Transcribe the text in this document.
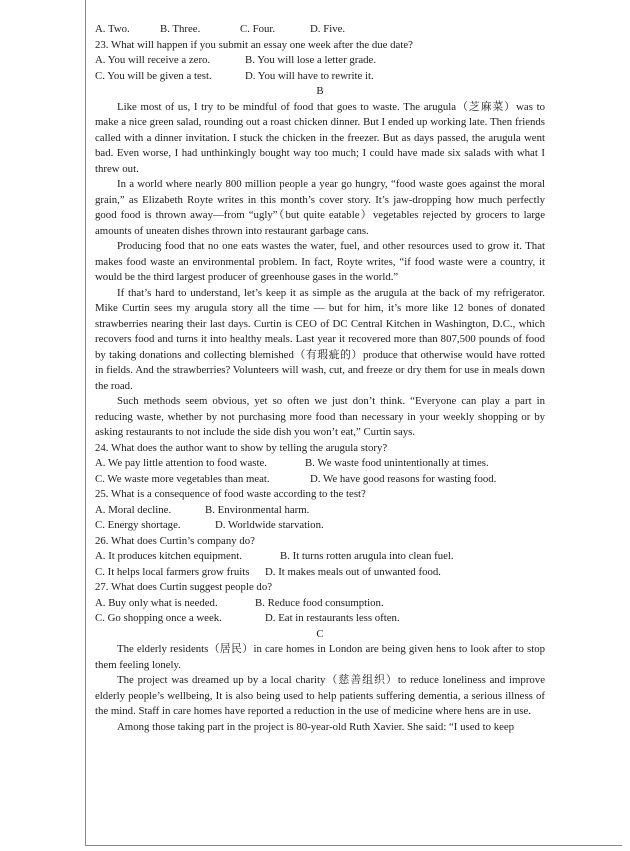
A. Two.	B. Three.	C. Four.	D. Five.
23. What will happen if you submit an essay one week after the due date?
A. You will receive a zero.	B. You will lose a letter grade.
C. You will be given a test.	D. You will have to rewrite it.
B

Like most of us, I try to be mindful of food that goes to waste. The arugula（芝麻菜）was to make a nice green salad, rounding out a roast chicken dinner. But I ended up working late. Then friends called with a dinner invitation. I stuck the chicken in the freezer. But as days passed, the arugula went bad. Even worse, I had unthinkingly bought way too much; I could have made six salads with what I threw out.

In a world where nearly 800 million people a year go hungry, “food waste goes against the moral grain,” as Elizabeth Royte writes in this month’s cover story. It’s jaw-dropping how much perfectly good food is thrown away—from “ugly”（but quite eatable）vegetables rejected by grocers to large amounts of uneaten dishes thrown into restaurant garbage cans.

Producing food that no one eats wastes the water, fuel, and other resources used to grow it. That makes food waste an environmental problem. In fact, Royte writes, “if food waste were a country, it would be the third largest producer of greenhouse gases in the world.”

If that’s hard to understand, let’s keep it as simple as the arugula at the back of my refrigerator. Mike Curtin sees my arugula story all the time — but for him, it’s more like 12 bones of donated strawberries nearing their last days. Curtin is CEO of DC Central Kitchen in Washington, D.C., which recovers food and turns it into healthy meals. Last year it recovered more than 807,500 pounds of food by taking donations and collecting blemished（有瑕疵的）produce that otherwise would have rotted in fields. And the strawberries? Volunteers will wash, cut, and freeze or dry them for use in meals down the road.

Such methods seem obvious, yet so often we just don’t think. “Everyone can play a part in reducing waste, whether by not purchasing more food than necessary in your weekly shopping or by asking restaurants to not include the side dish you won’t eat,” Curtin says.

24. What does the author want to show by telling the arugula story?
A. We pay little attention to food waste.	B. We waste food unintentionally at times.
C. We waste more vegetables than meat.	D. We have good reasons for wasting food.
25. What is a consequence of food waste according to the test?
A. Moral decline.	B. Environmental harm.
C. Energy shortage.	D. Worldwide starvation.
26. What does Curtin’s company do?
A. It produces kitchen equipment.	B. It turns rotten arugula into clean fuel.
C. It helps local farmers grow fruits	D. It makes meals out of unwanted food.
27. What does Curtin suggest people do?
A. Buy only what is needed.	B. Reduce food consumption.
C. Go shopping once a week.	D. Eat in restaurants less often.
C

The elderly residents（居民）in care homes in London are being given hens to look after to stop them feeling lonely.

The project was dreamed up by a local charity（慈善组织）to reduce loneliness and improve elderly people’s wellbeing, It is also being used to help patients suffering dementia, a serious illness of the mind. Staff in care homes have reported a reduction in the use of medicine where hens are in use.

Among those taking part in the project is 80-year-old Ruth Xavier. She said: “I used to keep
